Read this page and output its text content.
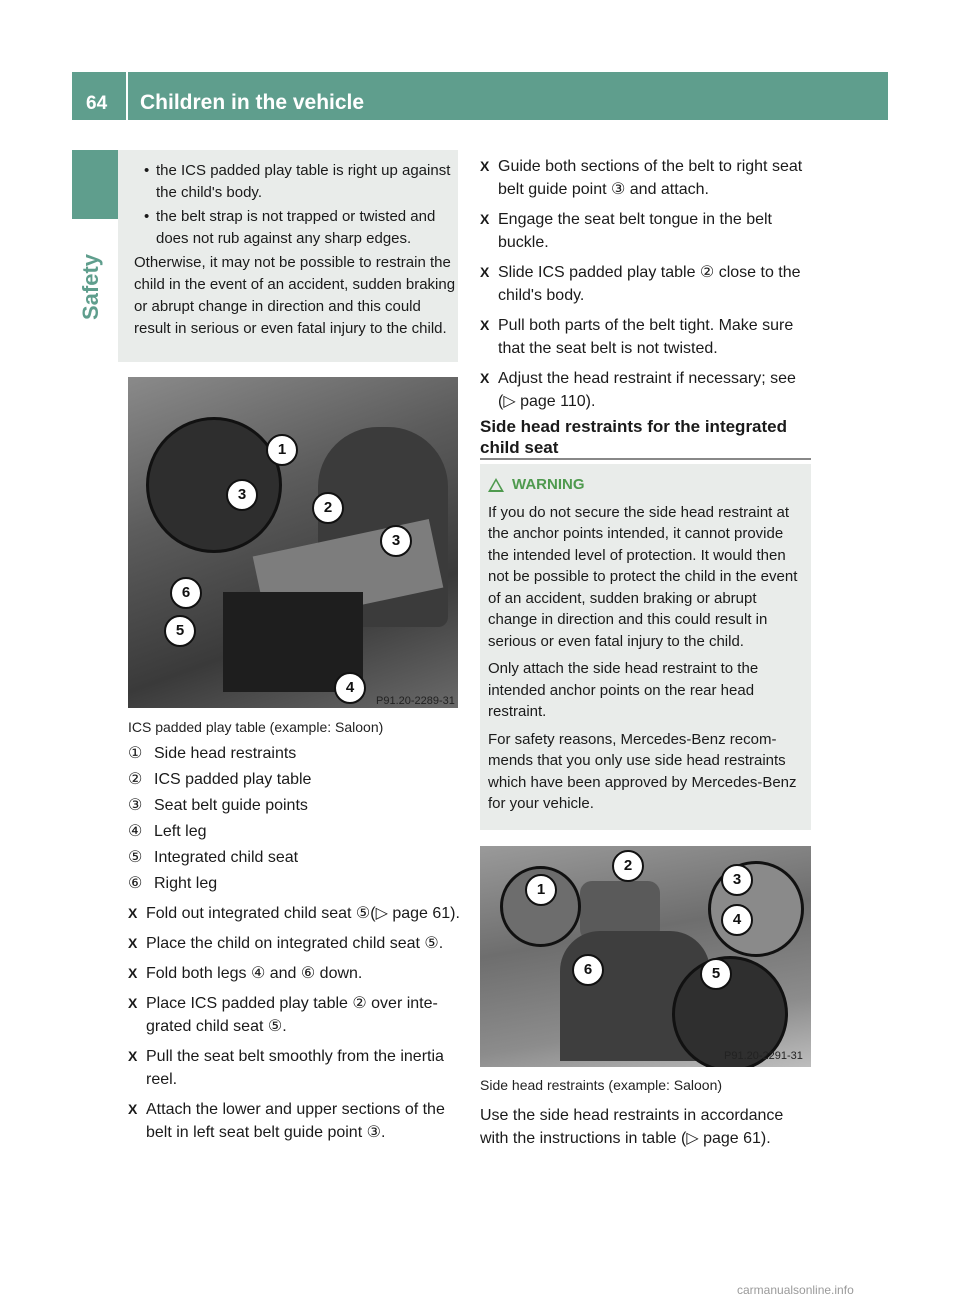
64 Children in the vehicle
Safety
• the ICS padded play table is right up against the child's body.
• the belt strap is not trapped or twisted and does not rub against any sharp edges.
Otherwise, it may not be possible to restrain the child in the event of an accident, sudden braking or abrupt change in direction and this could result in serious or even fatal injury to the child.
1
2
3
3
6
5
4
P91.20-2289-31
ICS padded play table (example: Saloon)
① Side head restraints
② ICS padded play table
③ Seat belt guide points
④ Left leg
⑤ Integrated child seat
⑥ Right leg
X Fold out integrated child seat ⑤(▷ page 61).
X Place the child on integrated child seat ⑤.
X Fold both legs ④ and ⑥ down.
X Place ICS padded play table ② over inte-grated child seat ⑤.
X Pull the seat belt smoothly from the inertia reel.
X Attach the lower and upper sections of the belt in left seat belt guide point ③.
X Guide both sections of the belt to right seat belt guide point ③ and attach.
X Engage the seat belt tongue in the belt buckle.
X Slide ICS padded play table ② close to the child's body.
X Pull both parts of the belt tight. Make sure that the seat belt is not twisted.
X Adjust the head restraint if necessary; see (▷ page 110).
Side head restraints for the integrated child seat
WARNING
If you do not secure the side head restraint at the anchor points intended, it cannot provide the intended level of protection. It would then not be possible to protect the child in the event of an accident, sudden braking or abrupt change in direction and this could result in serious or even fatal injury to the child.
Only attach the side head restraint to the intended anchor points on the rear head restraint.
For safety reasons, Mercedes-Benz recom-mends that you only use side head restraints which have been approved by Mercedes-Benz for your vehicle.
1
2
3
4
5
6
P91.20-2291-31
Side head restraints (example: Saloon)
Use the side head restraints in accordance with the instructions in table (▷ page 61).
carmanualsonline.info
